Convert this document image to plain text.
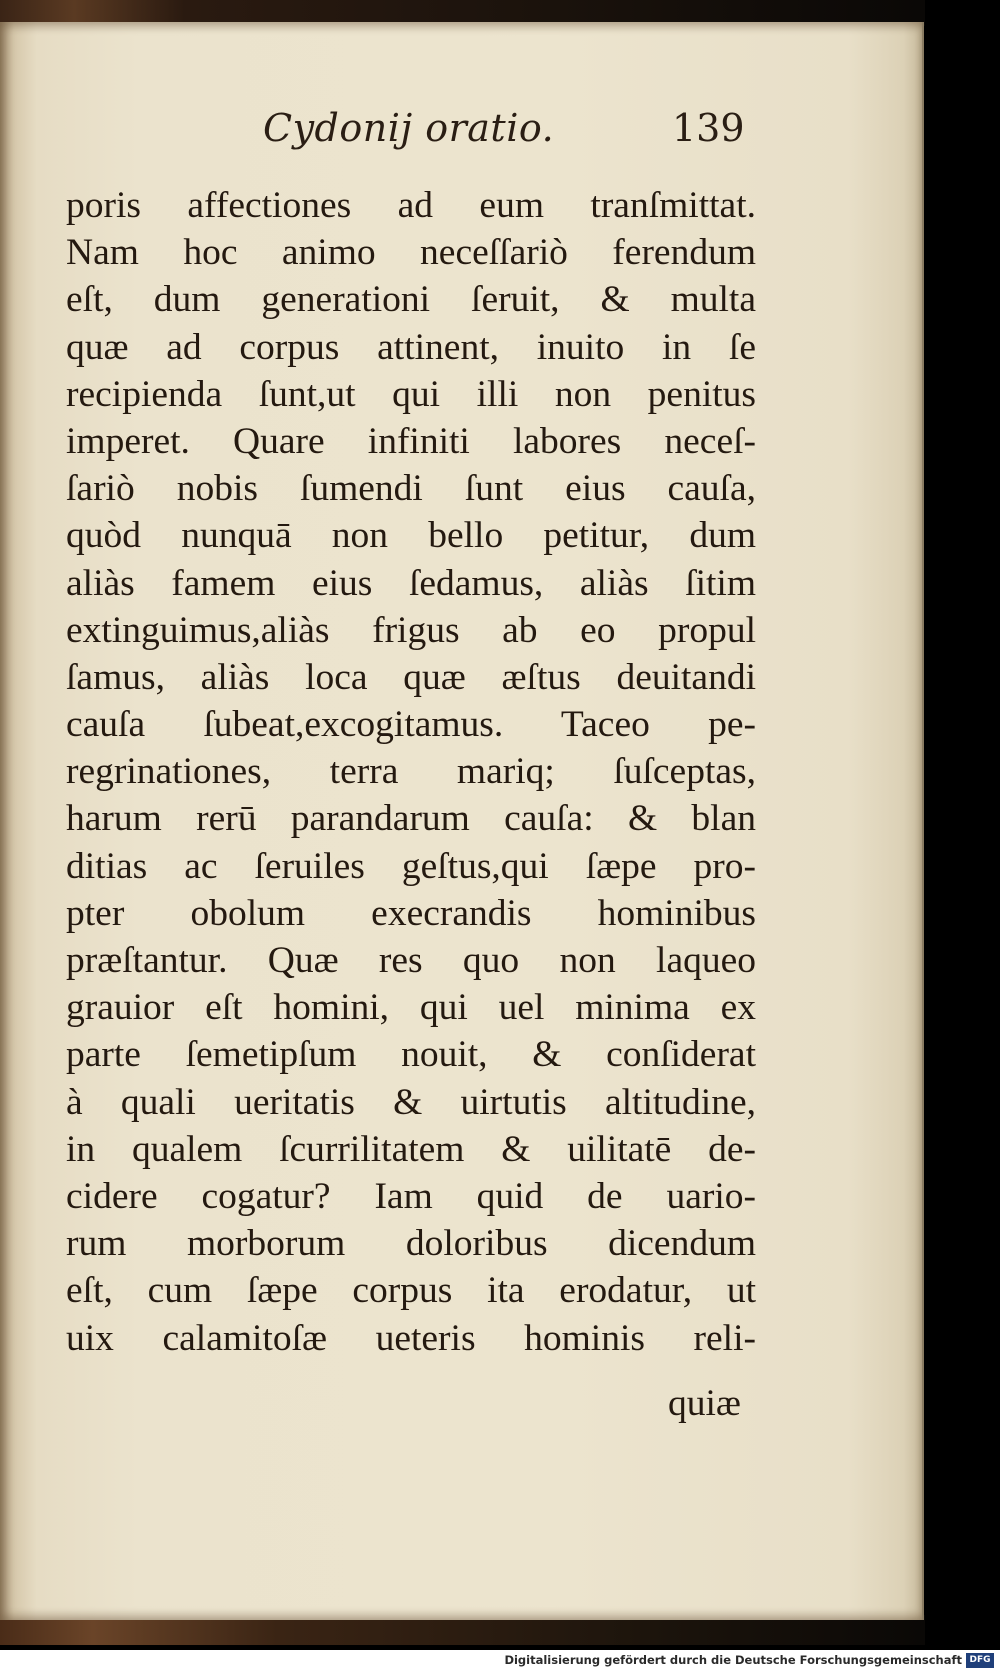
Cydonij oratio.	139
poris affectiones ad eum tranſmittat.
Nam hoc animo neceſſariò ferendum
eſt, dum generationi ſeruit, & multa
quæ ad corpus attinent, inuito in ſe
recipienda ſunt,ut qui illi non penitus
imperet. Quare infiniti labores neceſ-
ſariò nobis ſumendi ſunt eius cauſa,
quòd nunquā non bello petitur, dum
aliàs famem eius ſedamus, aliàs ſitim
extinguimus,aliàs frigus ab eo propul
ſamus, aliàs loca quæ æſtus deuitandi
cauſa ſubeat,excogitamus. Taceo pe-
regrinationes, terra mariq; ſuſceptas,
harum rerū parandarum cauſa: & blan
ditias ac ſeruiles geſtus,qui ſæpe pro-
pter obolum execrandis hominibus
præſtantur. Quæ res quo non laqueo
grauior eſt homini, qui uel minima ex
parte ſemetipſum nouit, & conſiderat
à quali ueritatis & uirtutis altitudine,
in qualem ſcurrilitatem & uilitatē de-
cidere cogatur? Iam quid de uario-
rum morborum doloribus dicendum
eſt, cum ſæpe corpus ita erodatur, ut
uix calamitoſæ ueteris hominis reli-
quiæ
Digitalisierung gefördert durch die Deutsche Forschungsgemeinschaft DFG
